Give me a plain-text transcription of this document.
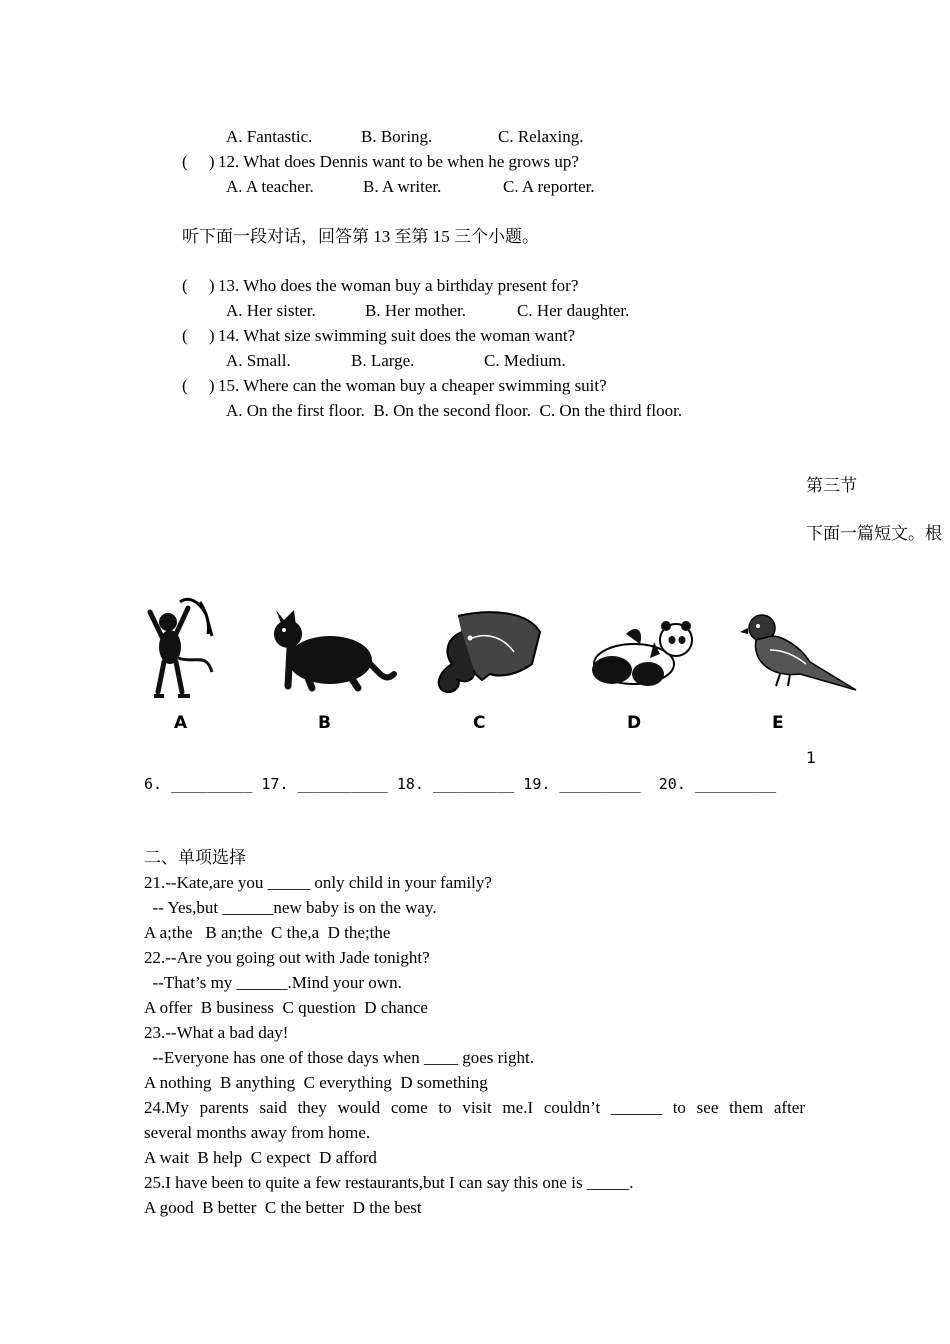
A. Fantastic.	B. Boring.	C. Relaxing.
(     ) 12. What does Dennis want to be when he grows up?
A. A teacher.	B. A writer.	C. A reporter.
听下面一段对话，回答第 13 至第 15 三个小题。
(     ) 13. Who does the woman buy a birthday present for?
A. Her sister.	B. Her mother.	C. Her daughter.
(     ) 14. What size swimming suit does the woman want?
A. Small.	B. Large.	C. Medium.
(     ) 15. Where can the woman buy a cheaper swimming suit?
A. On the first floor.  B. On the second floor.  C. On the third floor.
第三节
下面一篇短文。根
A	B	C	D	E
1
6. _________ 17. __________ 18. _________ 19. _________  20. _________
二、单项选择
21.--Kate,are you _____ only child in your family?
-- Yes,but ______new baby is on the way.
A a;the   B an;the  C the,a  D the;the
22.--Are you going out with Jade tonight?
--That’s my ______.Mind your own.
A offer  B business  C question  D chance
23.--What a bad day!
--Everyone has one of those days when ____ goes right.
A nothing  B anything  C everything  D something
24.My parents said they would come to visit me.I couldn’t ______ to see them after
several months away from home.
A wait  B help  C expect  D afford
25.I have been to quite a few restaurants,but I can say this one is _____.
A good  B better  C the better  D the best
